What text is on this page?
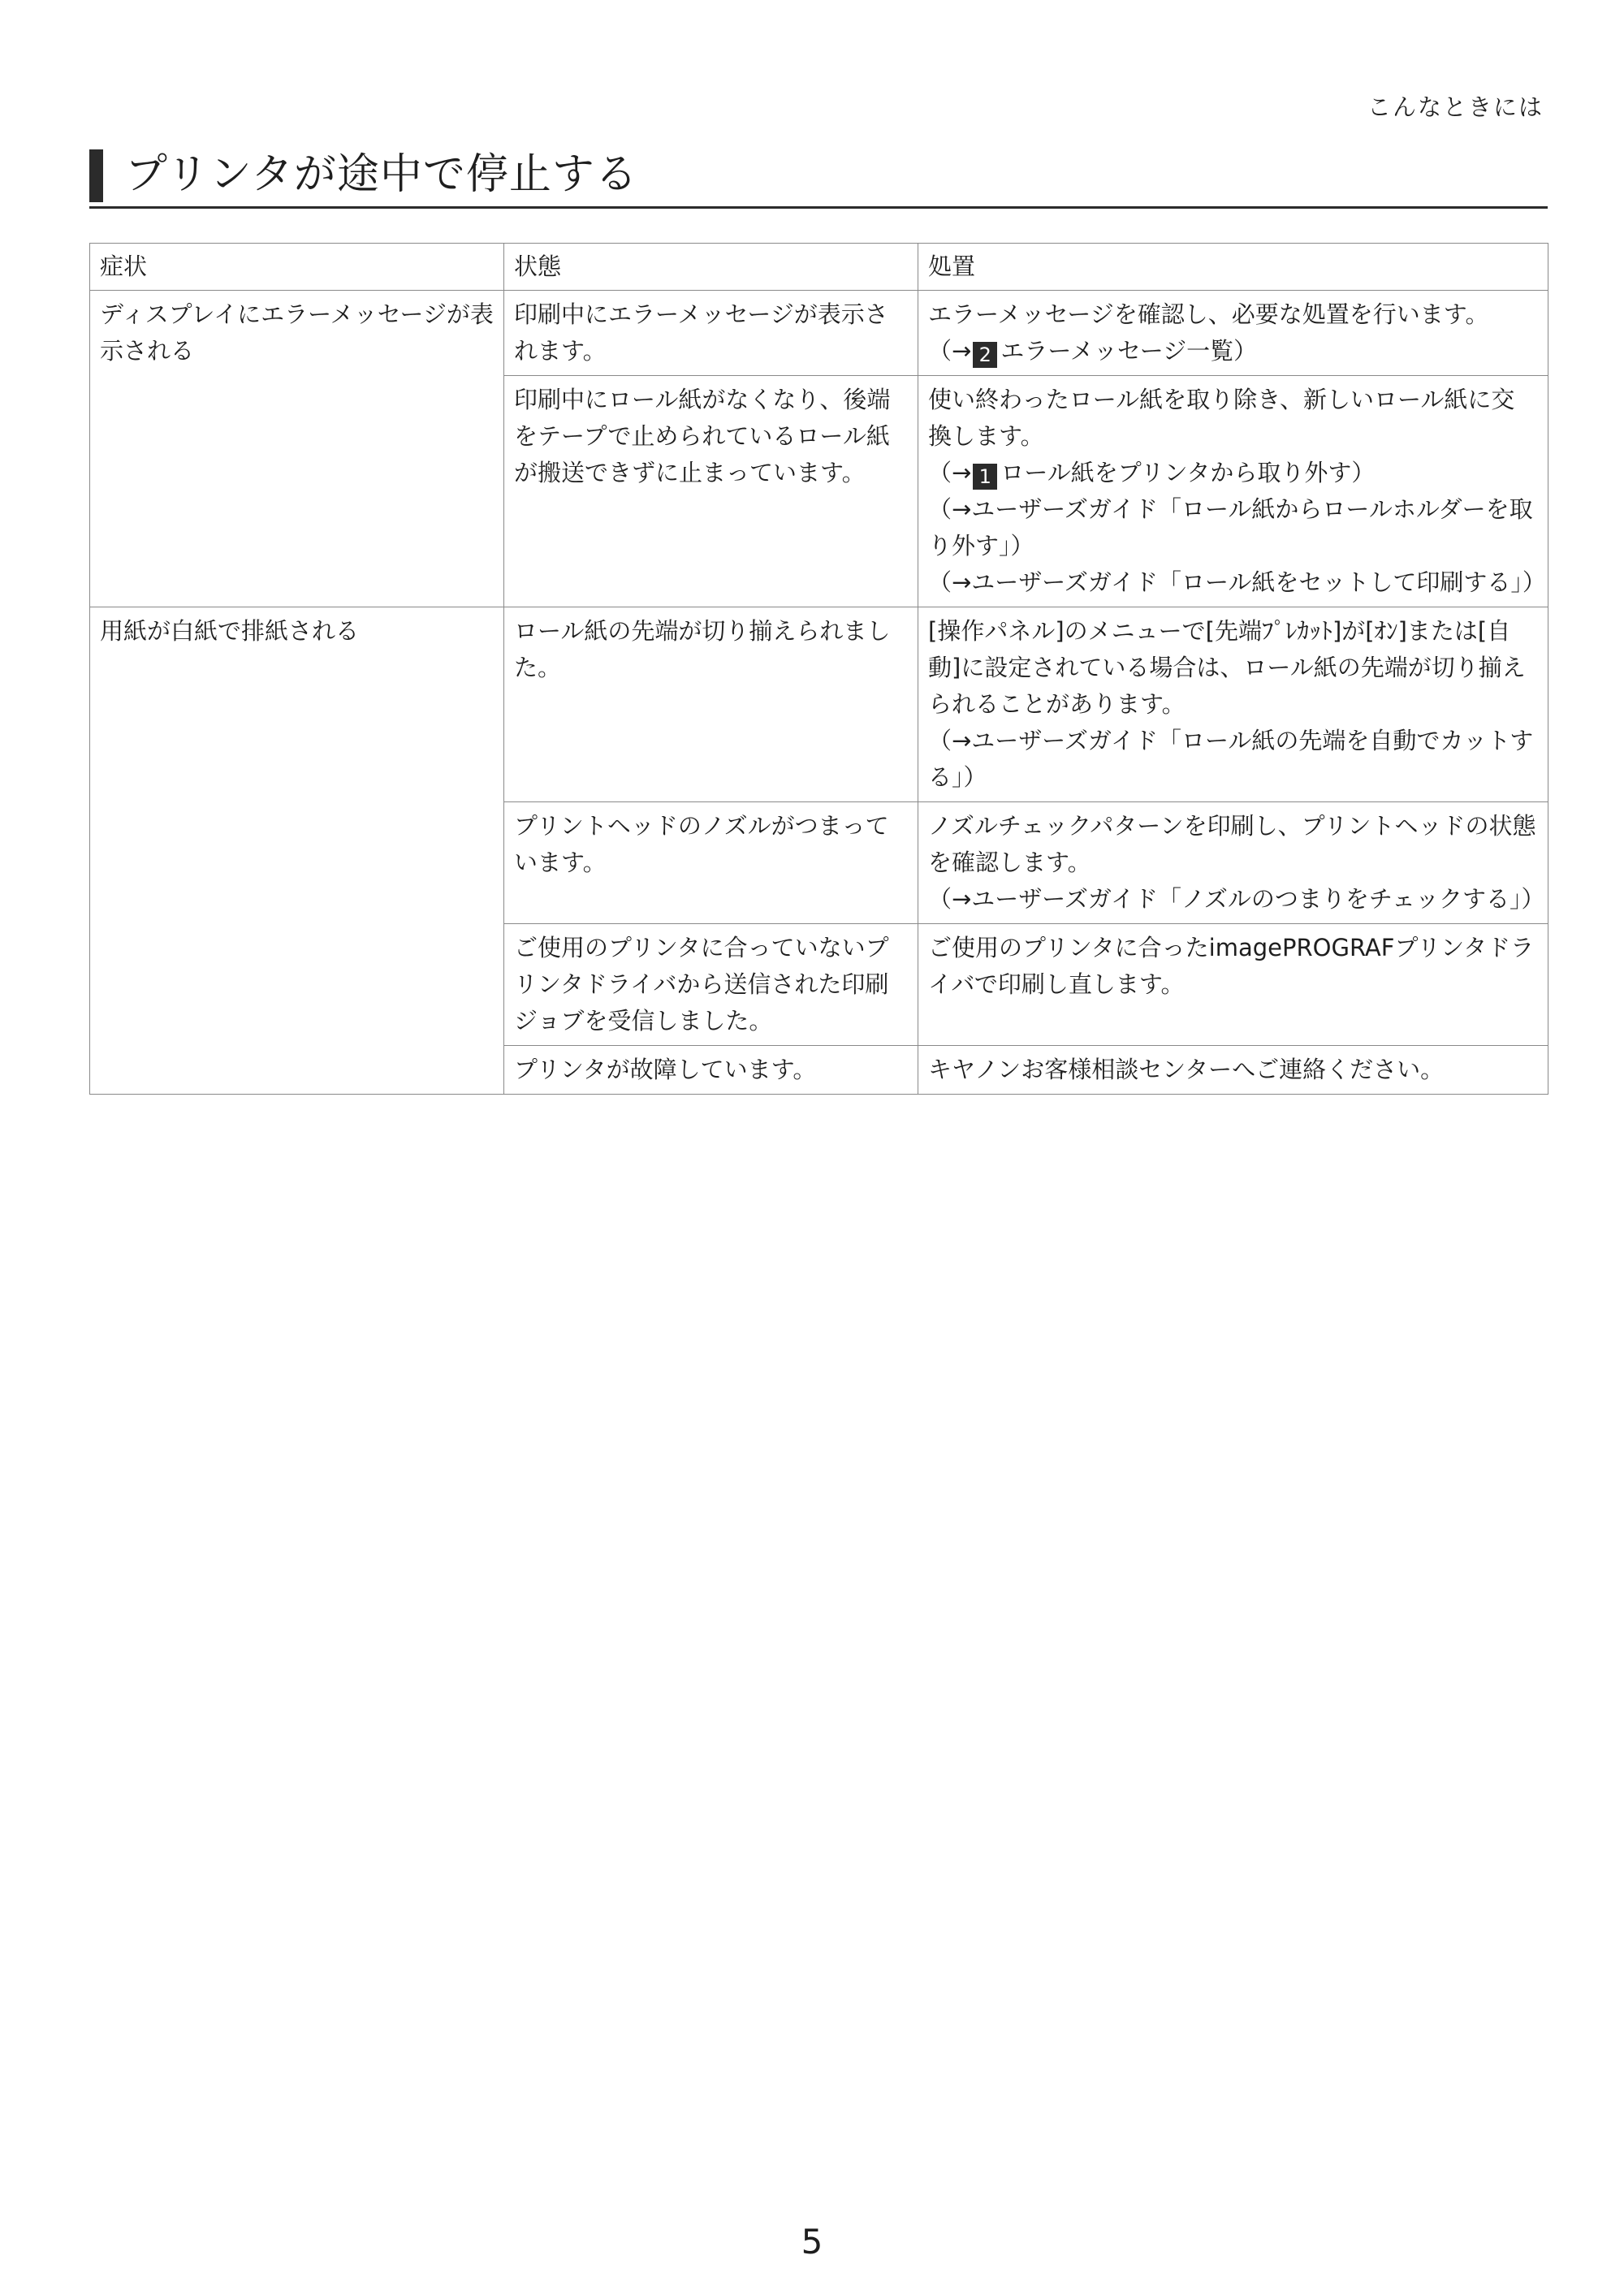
こんなときには
プリンタが途中で停止する
症状	状態	処置
ディスプレイにエラーメッセージが表示される	印刷中にエラーメッセージが表示されます。	エラーメッセージを確認し、必要な処置を行います。
（→ 2 エラーメッセージ一覧）

	印刷中にロール紙がなくなり、後端をテープで止められているロール紙が搬送できずに止まっています。	使い終わったロール紙を取り除き、新しいロール紙に交換します。
（→ 1 ロール紙をプリンタから取り外す）
（→ユーザーズガイド「ロール紙からロールホルダーを取り外す」）
（→ユーザーズガイド「ロール紙をセットして印刷する」）

用紙が白紙で排紙される	ロール紙の先端が切り揃えられました。	[操作パネル]のメニューで[先端ﾌﾟﾚｶｯﾄ]が[ｵﾝ]または[自動]に設定されている場合は、ロール紙の先端が切り揃えられることがあります。
（→ユーザーズガイド「ロール紙の先端を自動でカットする」）

	プリントヘッドのノズルがつまっています。	ノズルチェックパターンを印刷し、プリントヘッドの状態を確認します。
（→ユーザーズガイド「ノズルのつまりをチェックする」）

	ご使用のプリンタに合っていないプリンタドライバから送信された印刷ジョブを受信しました。	ご使用のプリンタに合ったimagePROGRAFプリンタドライバで印刷し直します。

	プリンタが故障しています。	キヤノンお客様相談センターへご連絡ください。
5
